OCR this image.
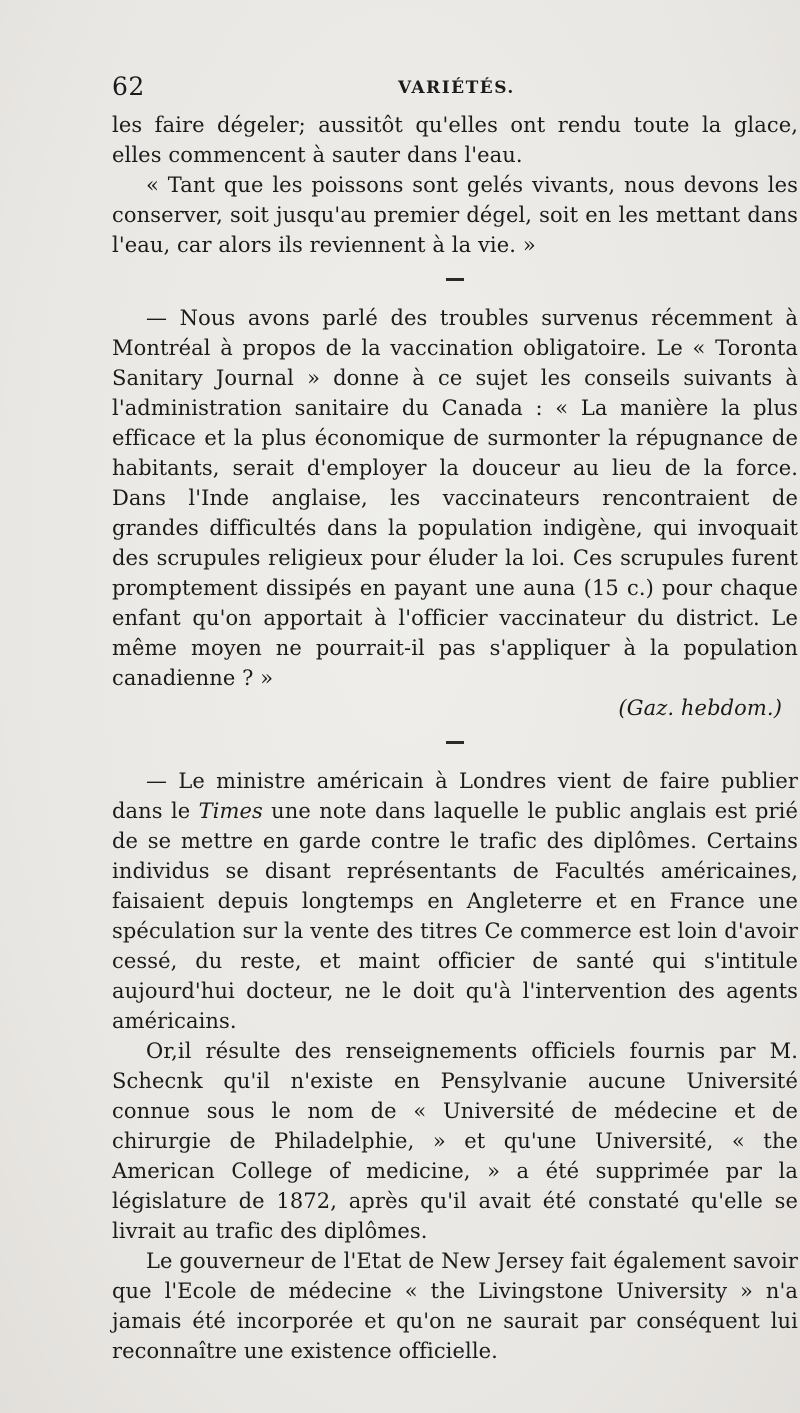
62	VARIÉTÉS.

les faire dégeler; aussitôt qu'elles ont rendu toute la glace, elles commencent à sauter dans l'eau.

« Tant que les poissons sont gelés vivants, nous devons les conserver, soit jusqu'au premier dégel, soit en les mettant dans l'eau, car alors ils reviennent à la vie. »

— Nous avons parlé des troubles survenus récemment à Montréal à propos de la vaccination obligatoire. Le « Toronta Sanitary Journal » donne à ce sujet les conseils suivants à l'administration sanitaire du Canada : « La manière la plus efficace et la plus économique de surmonter la répugnance de habitants, serait d'employer la douceur au lieu de la force. Dans l'Inde anglaise, les vaccinateurs rencontraient de grandes difficultés dans la population indigène, qui invoquait des scrupules religieux pour éluder la loi. Ces scrupules furent promptement dissipés en payant une auna (15 c.) pour chaque enfant qu'on apportait à l'officier vaccinateur du district. Le même moyen ne pourrait-il pas s'appliquer à la population canadienne ? »

(Gaz. hebdom.)

— Le ministre américain à Londres vient de faire publier dans le Times une note dans laquelle le public anglais est prié de se mettre en garde contre le trafic des diplômes. Certains individus se disant représentants de Facultés américaines, faisaient depuis longtemps en Angleterre et en France une spéculation sur la vente des titres Ce commerce est loin d'avoir cessé, du reste, et maint officier de santé qui s'intitule aujourd'hui docteur, ne le doit qu'à l'intervention des agents américains.

Or,il résulte des renseignements officiels fournis par M. Schecnk qu'il n'existe en Pensylvanie aucune Université connue sous le nom de « Université de médecine et de chirurgie de Philadelphie, » et qu'une Université, « the American College of medicine, » a été supprimée par la législature de 1872, après qu'il avait été constaté qu'elle se livrait au trafic des diplômes.

Le gouverneur de l'Etat de New Jersey fait également savoir que l'Ecole de médecine « the Livingstone University » n'a jamais été incorporée et qu'on ne saurait par conséquent lui reconnaître une existence officielle.
